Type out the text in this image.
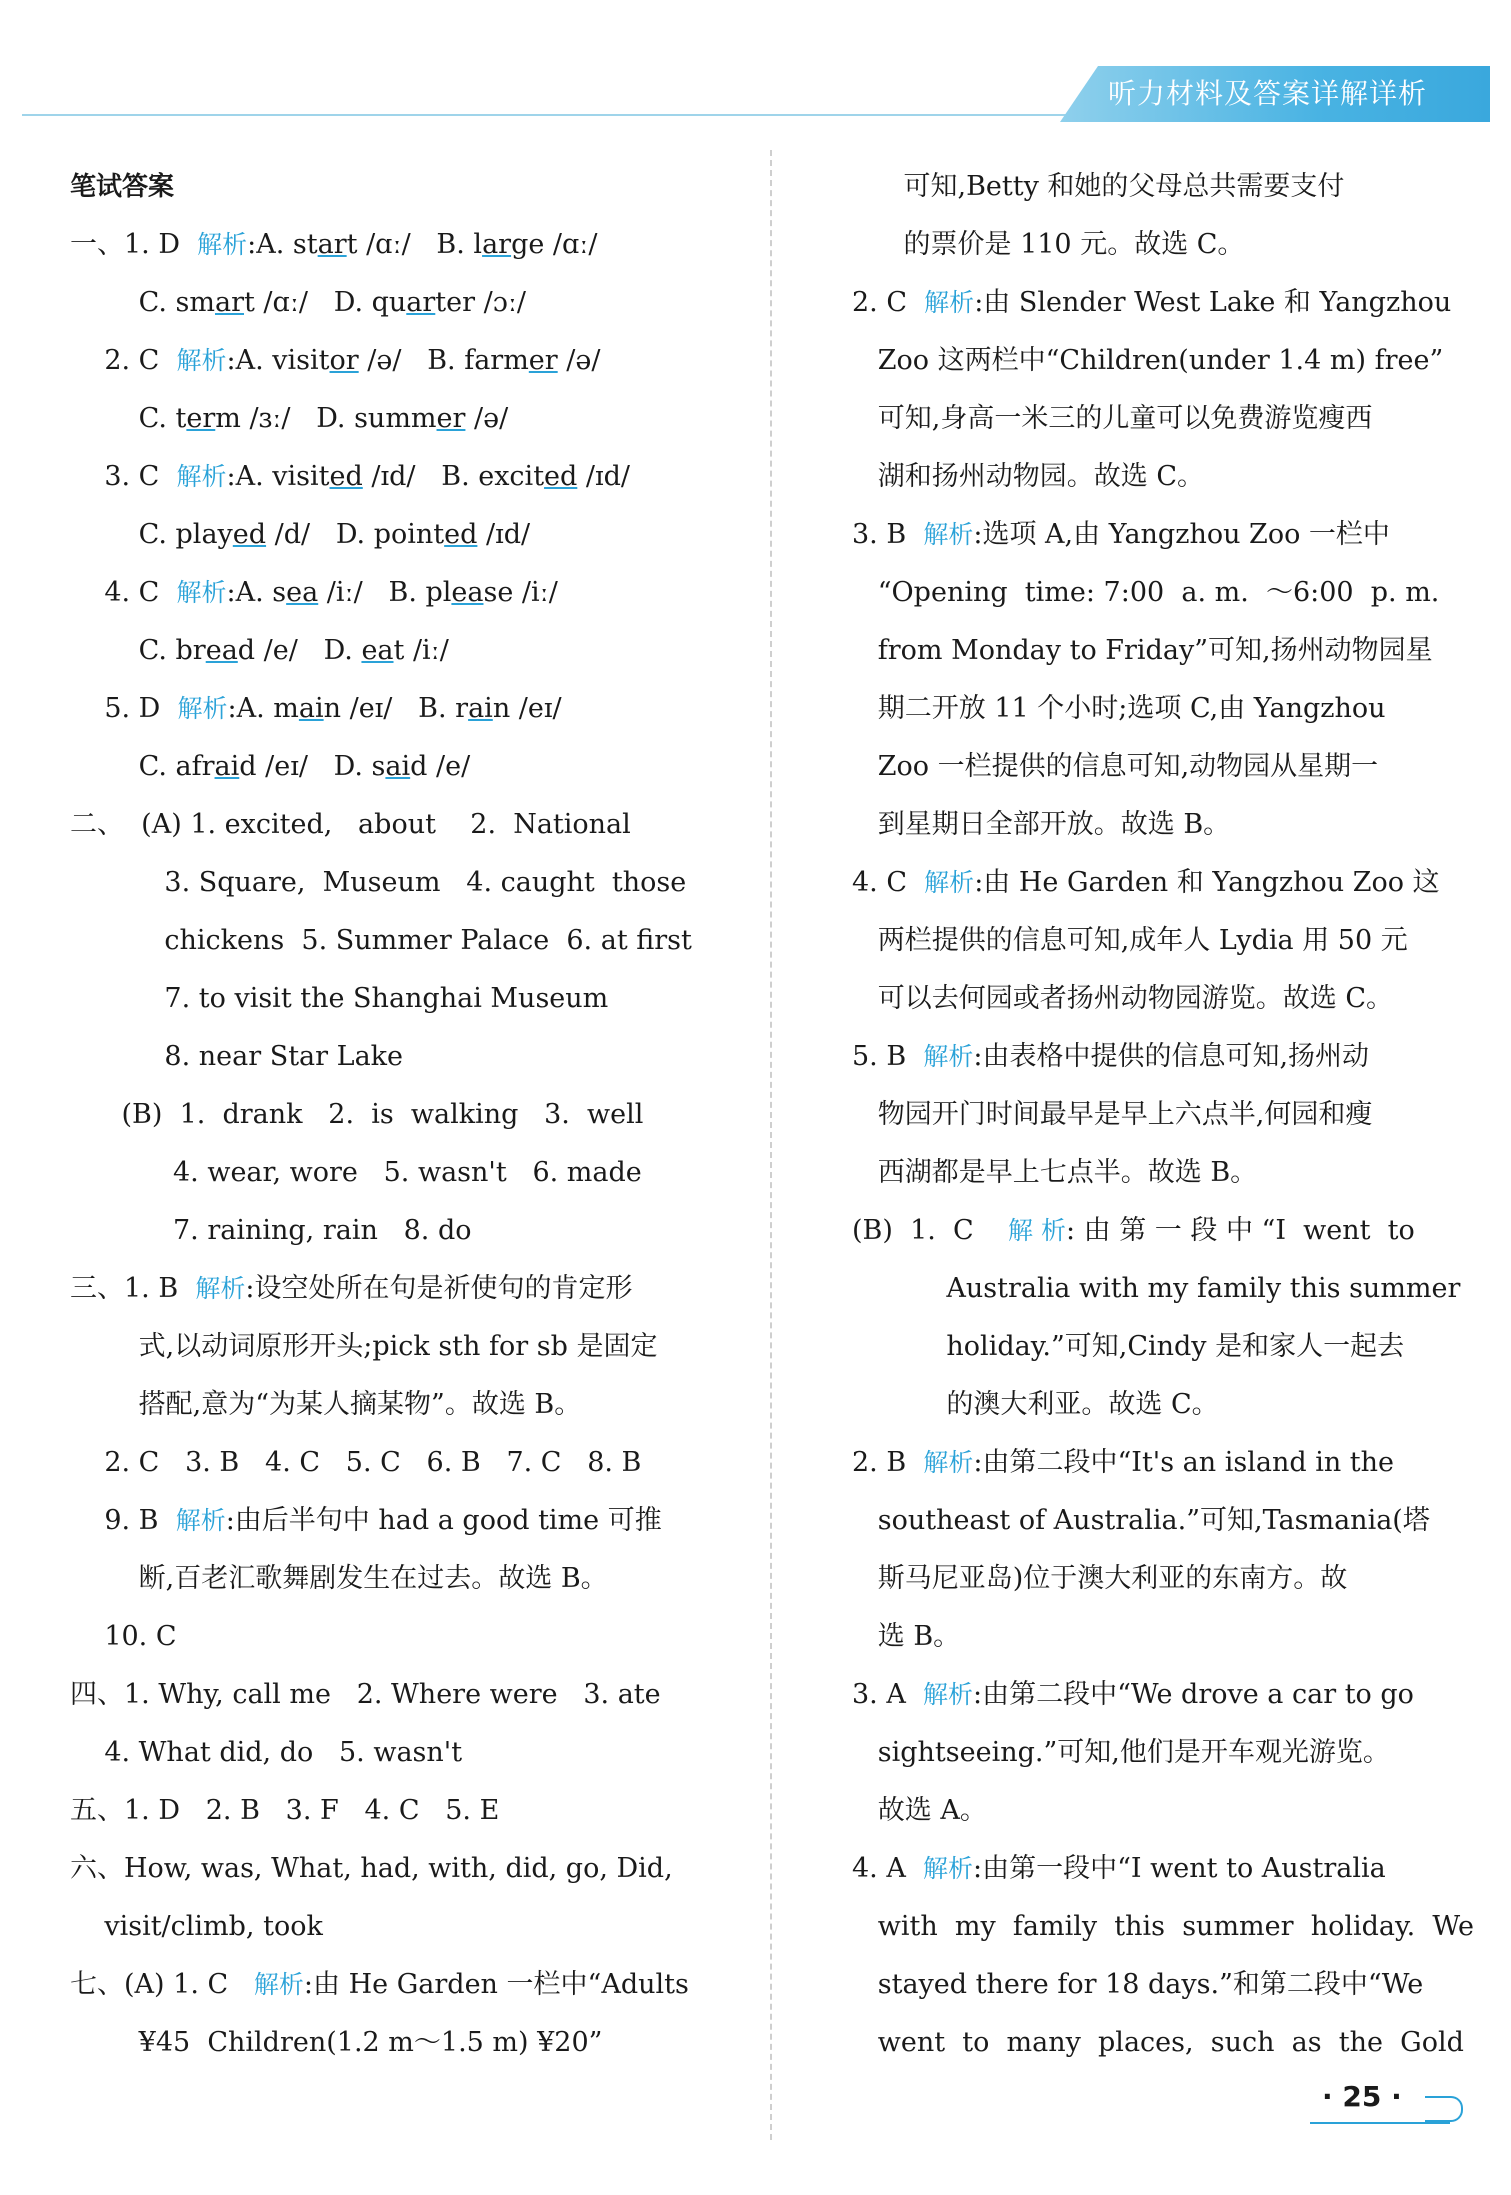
听力材料及答案详解详析
笔试答案
一、1. D  解析:A. start /ɑː/   B. large /ɑː/
C. smart /ɑː/   D. quarter /ɔː/
2. C  解析:A. visitor /ə/   B. farmer /ə/
C. term /ɜː/   D. summer /ə/
3. C  解析:A. visited /ɪd/   B. excited /ɪd/
C. played /d/   D. pointed /ɪd/
4. C  解析:A. sea /iː/   B. please /iː/
C. bread /e/   D. eat /iː/
5. D  解析:A. main /eɪ/   B. rain /eɪ/
C. afraid /eɪ/   D. said /e/
二、  (A) 1. excited,   about    2.  National
3. Square,  Museum   4. caught  those
chickens  5. Summer Palace  6. at first
7. to visit the Shanghai Museum
8. near Star Lake
(B)  1.  drank   2.  is  walking   3.  well
4. wear, wore   5. wasn't   6. made
7. raining, rain   8. do
三、1. B  解析:设空处所在句是祈使句的肯定形
式,以动词原形开头;pick sth for sb 是固定
搭配,意为“为某人摘某物”。故选 B。
2. C   3. B   4. C   5. C   6. B   7. C   8. B
9. B  解析:由后半句中 had a good time 可推
断,百老汇歌舞剧发生在过去。故选 B。
10. C
四、1. Why, call me   2. Where were   3. ate
4. What did, do   5. wasn't
五、1. D   2. B   3. F   4. C   5. E
六、How, was, What, had, with, did, go, Did,
visit/climb, took
七、(A) 1. C   解析:由 He Garden 一栏中“Adults
¥45  Children(1.2 m～1.5 m) ¥20”
可知,Betty 和她的父母总共需要支付
的票价是 110 元。故选 C。
2. C  解析:由 Slender West Lake 和 Yangzhou
Zoo 这两栏中“Children(under 1.4 m) free”
可知,身高一米三的儿童可以免费游览瘦西
湖和扬州动物园。故选 C。
3. B  解析:选项 A,由 Yangzhou Zoo 一栏中
“Opening  time: 7:00  a. m.  ～6:00  p. m.
from Monday to Friday”可知,扬州动物园星
期二开放 11 个小时;选项 C,由 Yangzhou
Zoo 一栏提供的信息可知,动物园从星期一
到星期日全部开放。故选 B。
4. C  解析:由 He Garden 和 Yangzhou Zoo 这
两栏提供的信息可知,成年人 Lydia 用 50 元
可以去何园或者扬州动物园游览。故选 C。
5. B  解析:由表格中提供的信息可知,扬州动
物园开门时间最早是早上六点半,何园和瘦
西湖都是早上七点半。故选 B。
(B)  1.  C    解 析: 由 第 一 段 中 “I  went  to
Australia with my family this summer
holiday.”可知,Cindy 是和家人一起去
的澳大利亚。故选 C。
2. B  解析:由第二段中“It's an island in the
southeast of Australia.”可知,Tasmania(塔
斯马尼亚岛)位于澳大利亚的东南方。故
选 B。
3. A  解析:由第二段中“We drove a car to go
sightseeing.”可知,他们是开车观光游览。
故选 A。
4. A  解析:由第一段中“I went to Australia
with  my  family  this  summer  holiday.  We
stayed there for 18 days.”和第二段中“We
went  to  many  places,  such  as  the  Gold
· 25 ·
